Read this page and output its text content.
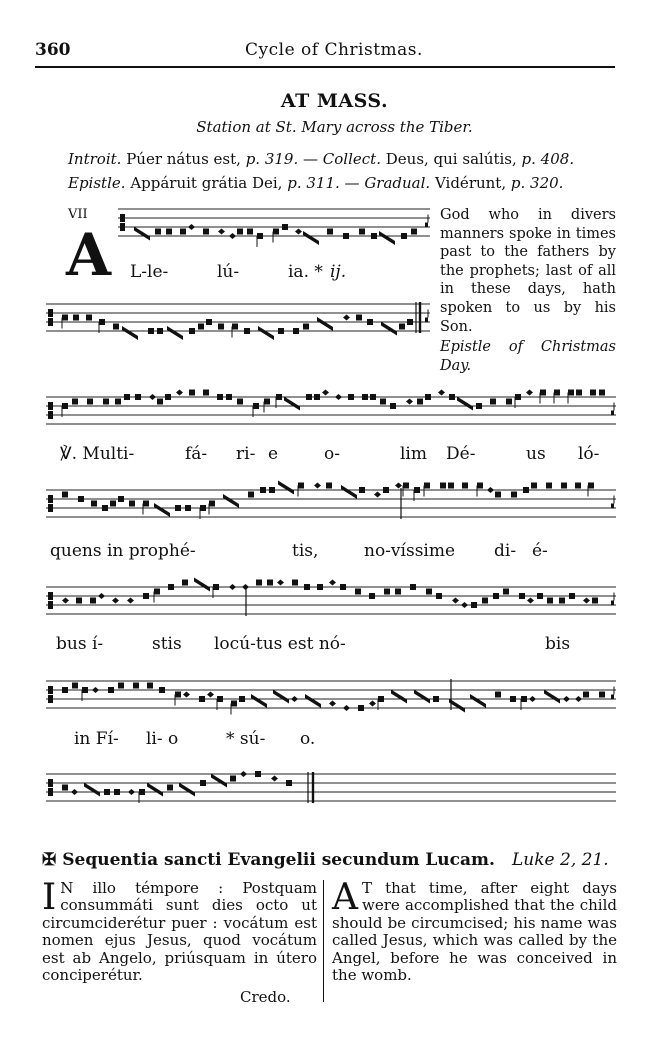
360	Cycle of Christmas.
AT MASS.
Station at St. Mary across the Tiber.
Introit. Púer nátus est, p. 319. — Collect. Deus, qui salútis, p. 408.
Epistle. Appáruit grátia Dei, p. 311. — Gradual. Vidérunt, p. 320.
VII
A L-le-	lú-	ia. * ij.
God who in divers manners spoke in times past to the fathers by the prophets; last of all in these days, hath spoken to us by his Son.
Epistle of Christmas Day.
℣. Multi-	fá- ri- e	o-	lim Dé-	us ló-
quens in prophé-	tis,	no-víssime di- é-
bus í-	stis locú-tus est nó-	bis
in Fí- li- o	* sú- o.
✠ Sequentia sancti Evangelii secundum Lucam. Luke 2, 21.
I N illo témpore : Postquam consummáti sunt dies octo ut circumciderétur puer : vocátum est nomen ejus Jesus, quod vocátum est ab Angelo, priúsquam in útero conciperétur.
Credo.
A T that time, after eight days were accomplished that the child should be circumcised; his name was called Jesus, which was called by the Angel, before he was conceived in the womb.
